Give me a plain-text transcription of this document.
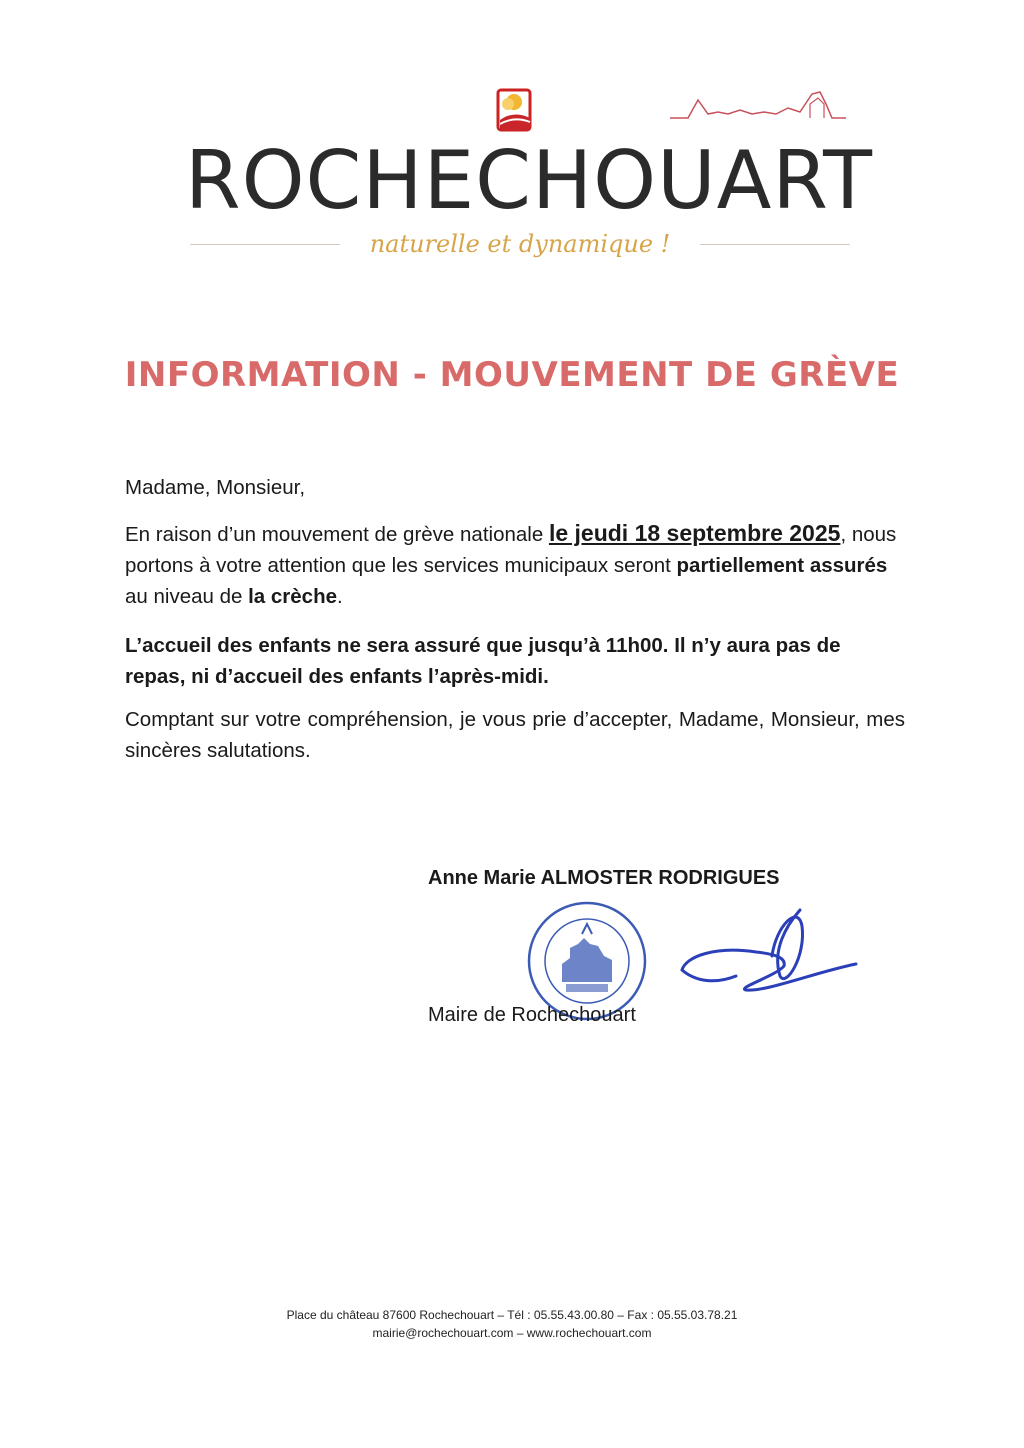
ROCHECHOUART
naturelle et dynamique !
INFORMATION - MOUVEMENT DE GRÈVE
Madame, Monsieur,
En raison d’un mouvement de grève nationale le jeudi 18 septembre 2025, nous portons à votre attention que les services municipaux seront partiellement assurés au niveau de la crèche.
L’accueil des enfants ne sera assuré que jusqu’à 11h00. Il n’y aura pas de repas, ni d’accueil des enfants l’après-midi.
Comptant sur votre compréhension, je vous prie d’accepter, Madame, Monsieur, mes sincères salutations.
Anne Marie ALMOSTER RODRIGUES
Maire de Rochechouart
Place du château 87600 Rochechouart – Tél : 05.55.43.00.80 – Fax : 05.55.03.78.21
mairie@rochechouart.com – www.rochechouart.com
